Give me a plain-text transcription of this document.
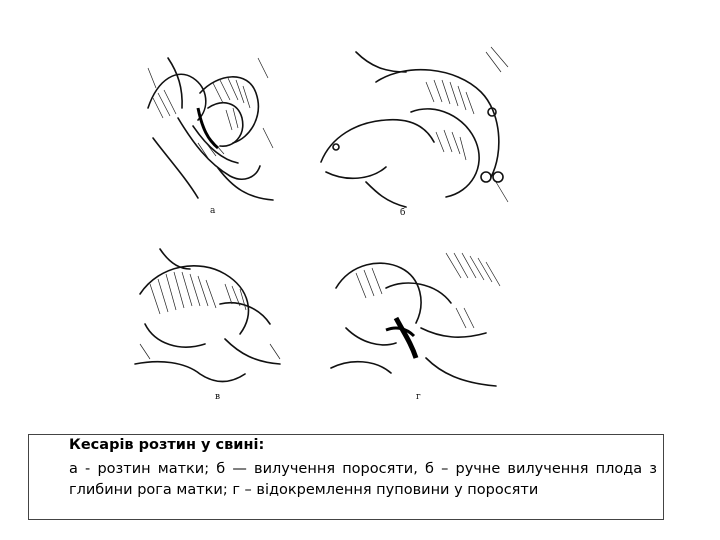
а	б
в	г
Кесарів розтин у свині:
а - розтин матки; б — вилучення поросяти, б – ручне вилучення плода з глибини рога матки; г – відокремлення пуповини у поросяти
